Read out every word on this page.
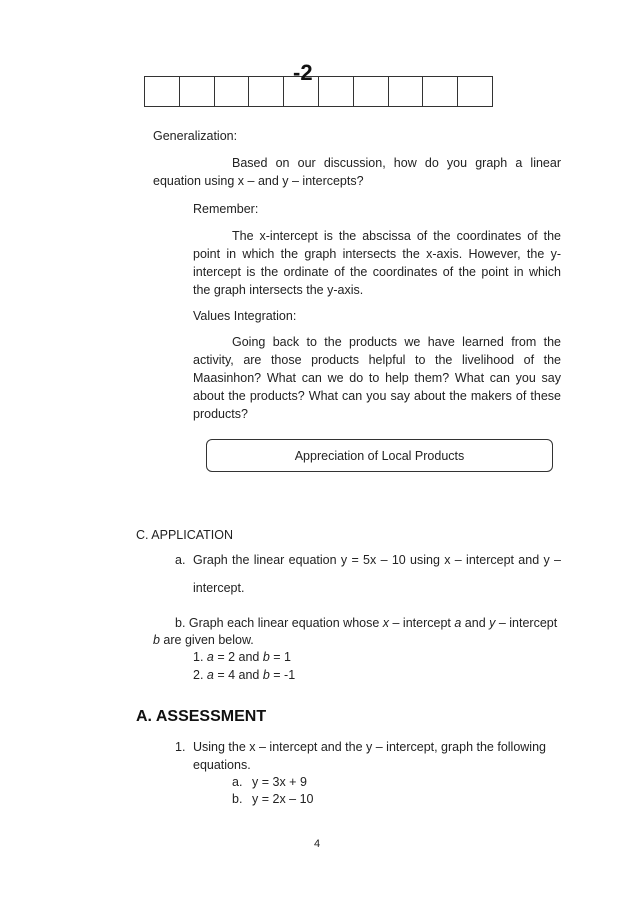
-2
Generalization:
Based on our discussion, how do you graph a linear
equation using x – and y – intercepts?
Remember:
The x-intercept is the abscissa of the coordinates of the
point in which the graph intersects the x-axis. However, the y-
intercept is the ordinate of the coordinates of the point in which
the graph intersects the y-axis.
Values Integration:
Going back to the products we have learned from the
activity, are those products helpful to the livelihood of the
Maasinhon? What can we do to help them? What can you say
about the products? What can you say about the makers of these
products?
Appreciation of Local Products
C. APPLICATION
a. Graph the linear equation y = 5x – 10 using x – intercept and y –
intercept.
b. Graph each linear equation whose x – intercept a and y – intercept
b are given below.
1. a = 2 and b = 1
2. a = 4 and b = -1
A. ASSESSMENT
1. Using the x – intercept and the y – intercept, graph the following
equations.
a. y = 3x + 9
b. y = 2x – 10
4
